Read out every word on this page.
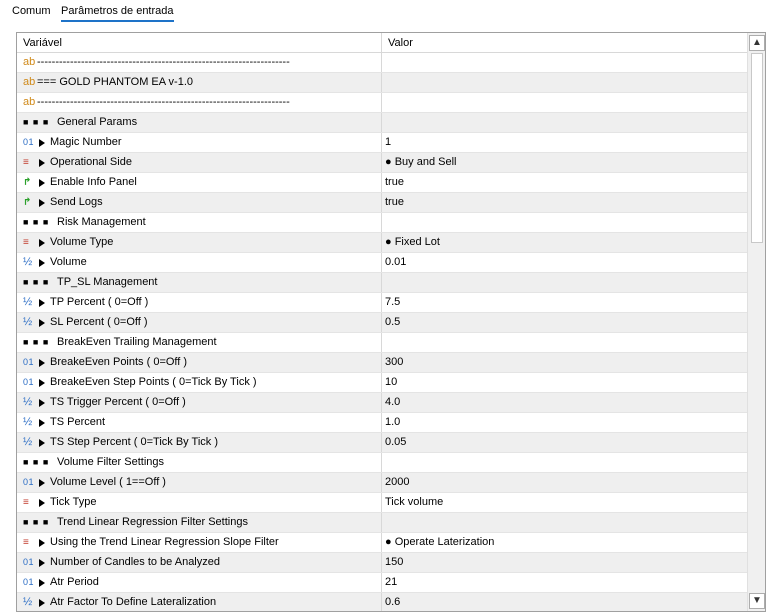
Comum Parâmetros de entrada
Variável	Valor
ab ---------------------------------------------------------------------
ab === GOLD PHANTOM EA v-1.0
ab ---------------------------------------------------------------------
■ ■ ■ General Params
01 Magic Number	1
≡ Operational Side	● Buy and Sell
↱ Enable Info Panel	true
↱ Send Logs	true
■ ■ ■ Risk Management
≡ Volume Type	● Fixed Lot
½ Volume	0.01
■ ■ ■ TP_SL Management
½ TP Percent ( 0=Off )	7.5
½ SL Percent ( 0=Off )	0.5
■ ■ ■ BreakEven Trailing Management
01 BreakeEven Points ( 0=Off )	300
01 BreakeEven Step Points ( 0=Tick By Tick )	10
½ TS Trigger Percent ( 0=Off )	4.0
½ TS Percent	1.0
½ TS Step Percent ( 0=Tick By Tick )	0.05
■ ■ ■ Volume Filter Settings
01 Volume Level ( 1==Off )	2000
≡ Tick Type	Tick volume
■ ■ ■ Trend Linear Regression Filter Settings
≡ Using the Trend Linear Regression Slope Filter	● Operate Laterization
01 Number of Candles to be Analyzed	150
01 Atr Period	21
½ Atr Factor To Define Lateralization	0.6
▲
▼
